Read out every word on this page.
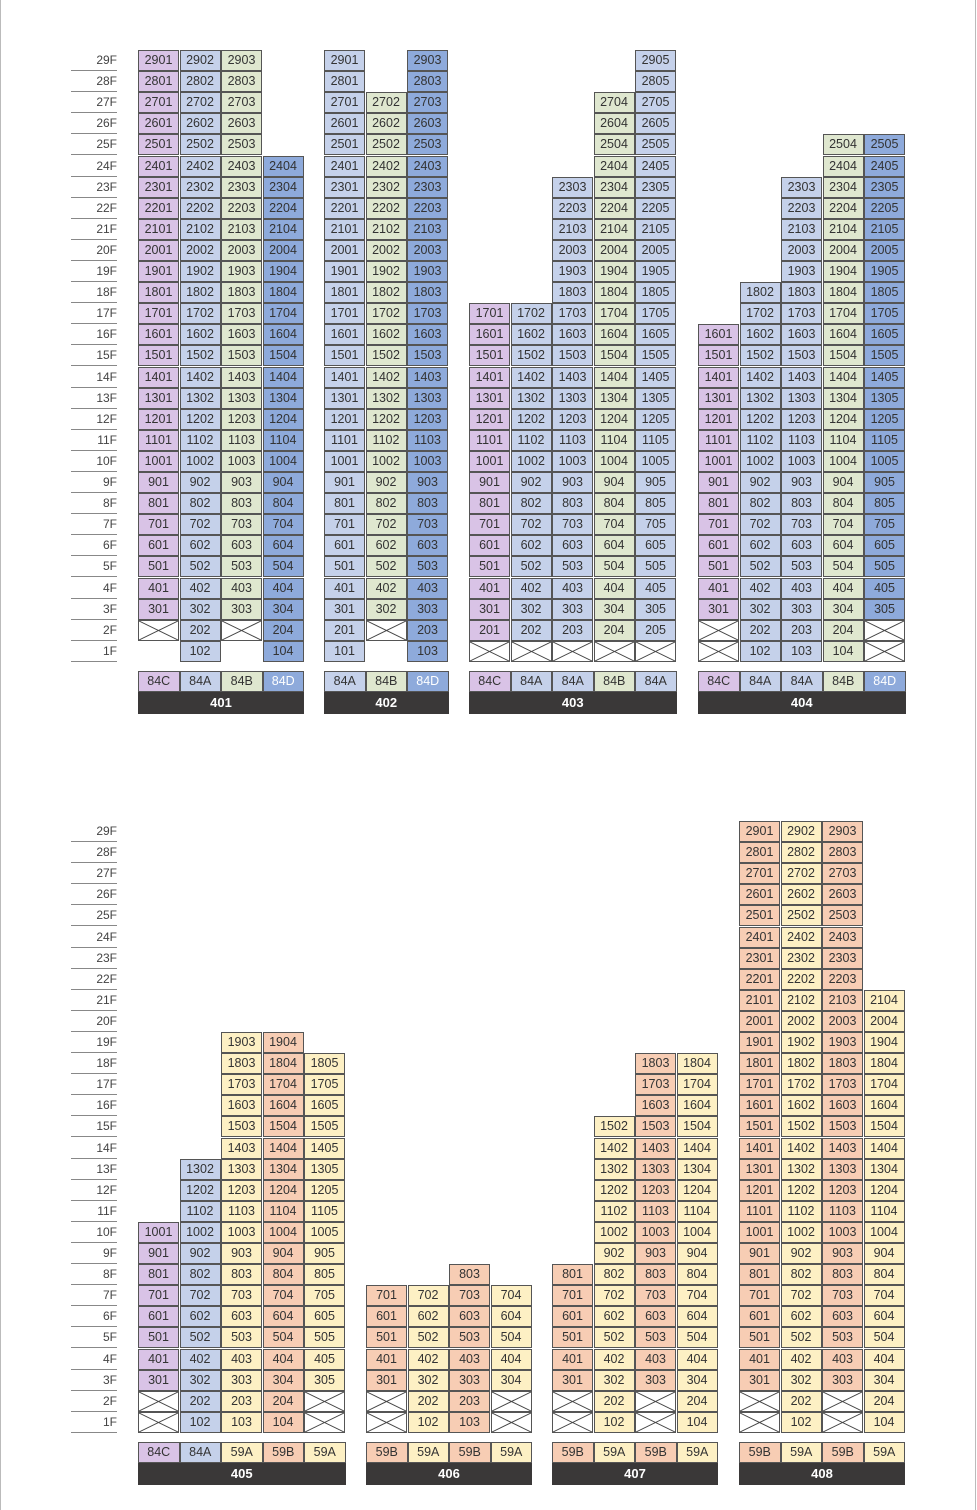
29F
28F
27F
26F
25F
24F
23F
22F
21F
20F
19F
18F
17F
16F
15F
14F
13F
12F
11F
10F
9F
8F
7F
6F
5F
4F
3F
2F
1F
301
401
501
601
701
801
901
1001
1101
1201
1301
1401
1501
1601
1701
1801
1901
2001
2101
2201
2301
2401
2501
2601
2701
2801
2901
84C
102
202
302
402
502
602
702
802
902
1002
1102
1202
1302
1402
1502
1602
1702
1802
1902
2002
2102
2202
2302
2402
2502
2602
2702
2802
2902
84A
303
403
503
603
703
803
903
1003
1103
1203
1303
1403
1503
1603
1703
1803
1903
2003
2103
2203
2303
2403
2503
2603
2703
2803
2903
84B
104
204
304
404
504
604
704
804
904
1004
1104
1204
1304
1404
1504
1604
1704
1804
1904
2004
2104
2204
2304
2404
84D
401
101
201
301
401
501
601
701
801
901
1001
1101
1201
1301
1401
1501
1601
1701
1801
1901
2001
2101
2201
2301
2401
2501
2601
2701
2801
2901
84A
302
402
502
602
702
802
902
1002
1102
1202
1302
1402
1502
1602
1702
1802
1902
2002
2102
2202
2302
2402
2502
2602
2702
84B
103
203
303
403
503
603
703
803
903
1003
1103
1203
1303
1403
1503
1603
1703
1803
1903
2003
2103
2203
2303
2403
2503
2603
2703
2803
2903
84D
402
201
301
401
501
601
701
801
901
1001
1101
1201
1301
1401
1501
1601
1701
84C
202
302
402
502
602
702
802
902
1002
1102
1202
1302
1402
1502
1602
1702
84A
203
303
403
503
603
703
803
903
1003
1103
1203
1303
1403
1503
1603
1703
1803
1903
2003
2103
2203
2303
84A
204
304
404
504
604
704
804
904
1004
1104
1204
1304
1404
1504
1604
1704
1804
1904
2004
2104
2204
2304
2404
2504
2604
2704
84B
205
305
405
505
605
705
805
905
1005
1105
1205
1305
1405
1505
1605
1705
1805
1905
2005
2105
2205
2305
2405
2505
2605
2705
2805
2905
84A
403
301
401
501
601
701
801
901
1001
1101
1201
1301
1401
1501
1601
84C
102
202
302
402
502
602
702
802
902
1002
1102
1202
1302
1402
1502
1602
1702
1802
84A
103
203
303
403
503
603
703
803
903
1003
1103
1203
1303
1403
1503
1603
1703
1803
1903
2003
2103
2203
2303
84A
104
204
304
404
504
604
704
804
904
1004
1104
1204
1304
1404
1504
1604
1704
1804
1904
2004
2104
2204
2304
2404
2504
84B
305
405
505
605
705
805
905
1005
1105
1205
1305
1405
1505
1605
1705
1805
1905
2005
2105
2205
2305
2405
2505
84D
404
29F
28F
27F
26F
25F
24F
23F
22F
21F
20F
19F
18F
17F
16F
15F
14F
13F
12F
11F
10F
9F
8F
7F
6F
5F
4F
3F
2F
1F
301
401
501
601
701
801
901
1001
84C
102
202
302
402
502
602
702
802
902
1002
1102
1202
1302
84A
103
203
303
403
503
603
703
803
903
1003
1103
1203
1303
1403
1503
1603
1703
1803
1903
59A
104
204
304
404
504
604
704
804
904
1004
1104
1204
1304
1404
1504
1604
1704
1804
1904
59B
305
405
505
605
705
805
905
1005
1105
1205
1305
1405
1505
1605
1705
1805
59A
405
301
401
501
601
701
59B
102
202
302
402
502
602
702
59A
103
203
303
403
503
603
703
803
59B
304
404
504
604
704
59A
406
301
401
501
601
701
801
59B
102
202
302
402
502
602
702
802
902
1002
1102
1202
1302
1402
1502
59A
303
403
503
603
703
803
903
1003
1103
1203
1303
1403
1503
1603
1703
1803
59B
104
204
304
404
504
604
704
804
904
1004
1104
1204
1304
1404
1504
1604
1704
1804
59A
407
301
401
501
601
701
801
901
1001
1101
1201
1301
1401
1501
1601
1701
1801
1901
2001
2101
2201
2301
2401
2501
2601
2701
2801
2901
59B
102
202
302
402
502
602
702
802
902
1002
1102
1202
1302
1402
1502
1602
1702
1802
1902
2002
2102
2202
2302
2402
2502
2602
2702
2802
2902
59A
303
403
503
603
703
803
903
1003
1103
1203
1303
1403
1503
1603
1703
1803
1903
2003
2103
2203
2303
2403
2503
2603
2703
2803
2903
59B
104
204
304
404
504
604
704
804
904
1004
1104
1204
1304
1404
1504
1604
1704
1804
1904
2004
2104
59A
408
